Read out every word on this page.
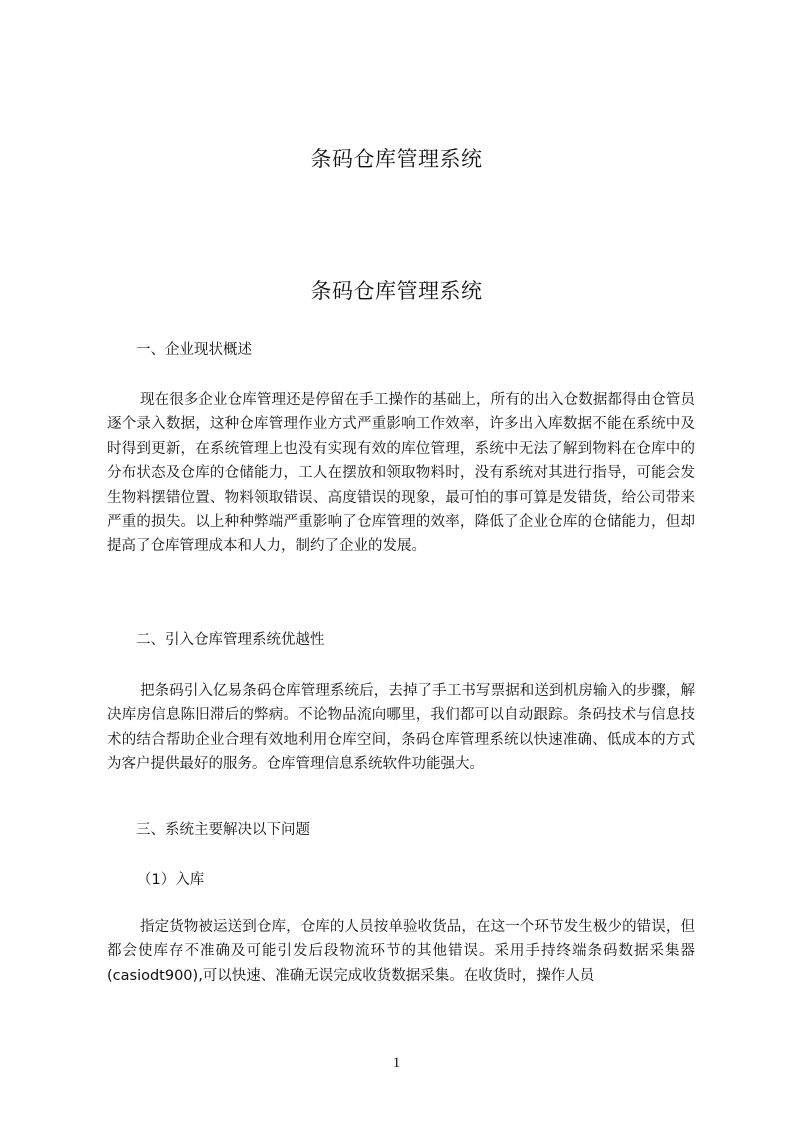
条码仓库管理系统
条码仓库管理系统
一、企业现状概述

现在很多企业仓库管理还是停留在手工操作的基础上，所有的出入仓数据都得由仓管员逐个录入数据，这种仓库管理作业方式严重影响工作效率，许多出入库数据不能在系统中及时得到更新，在系统管理上也没有实现有效的库位管理，系统中无法了解到物料在仓库中的分布状态及仓库的仓储能力，工人在摆放和领取物料时，没有系统对其进行指导，可能会发生物料摆错位置、物料领取错误、高度错误的现象，最可怕的事可算是发错货，给公司带来严重的损失。以上种种弊端严重影响了仓库管理的效率，降低了企业仓库的仓储能力，但却提高了仓库管理成本和人力，制约了企业的发展。

二、引入仓库管理系统优越性

把条码引入亿易条码仓库管理系统后，去掉了手工书写票据和送到机房输入的步骤，解决库房信息陈旧滞后的弊病。不论物品流向哪里，我们都可以自动跟踪。条码技术与信息技术的结合帮助企业合理有效地利用仓库空间，条码仓库管理系统以快速准确、低成本的方式为客户提供最好的服务。仓库管理信息系统软件功能强大。

三、系统主要解决以下问题
（1）入库

指定货物被运送到仓库，仓库的人员按单验收货品，在这一个环节发生极少的错误，但都会使库存不准确及可能引发后段物流环节的其他错误。采用手持终端条码数据采集器(casiodt900),可以快速、准确无误完成收货数据采集。在收货时，操作人员

1
